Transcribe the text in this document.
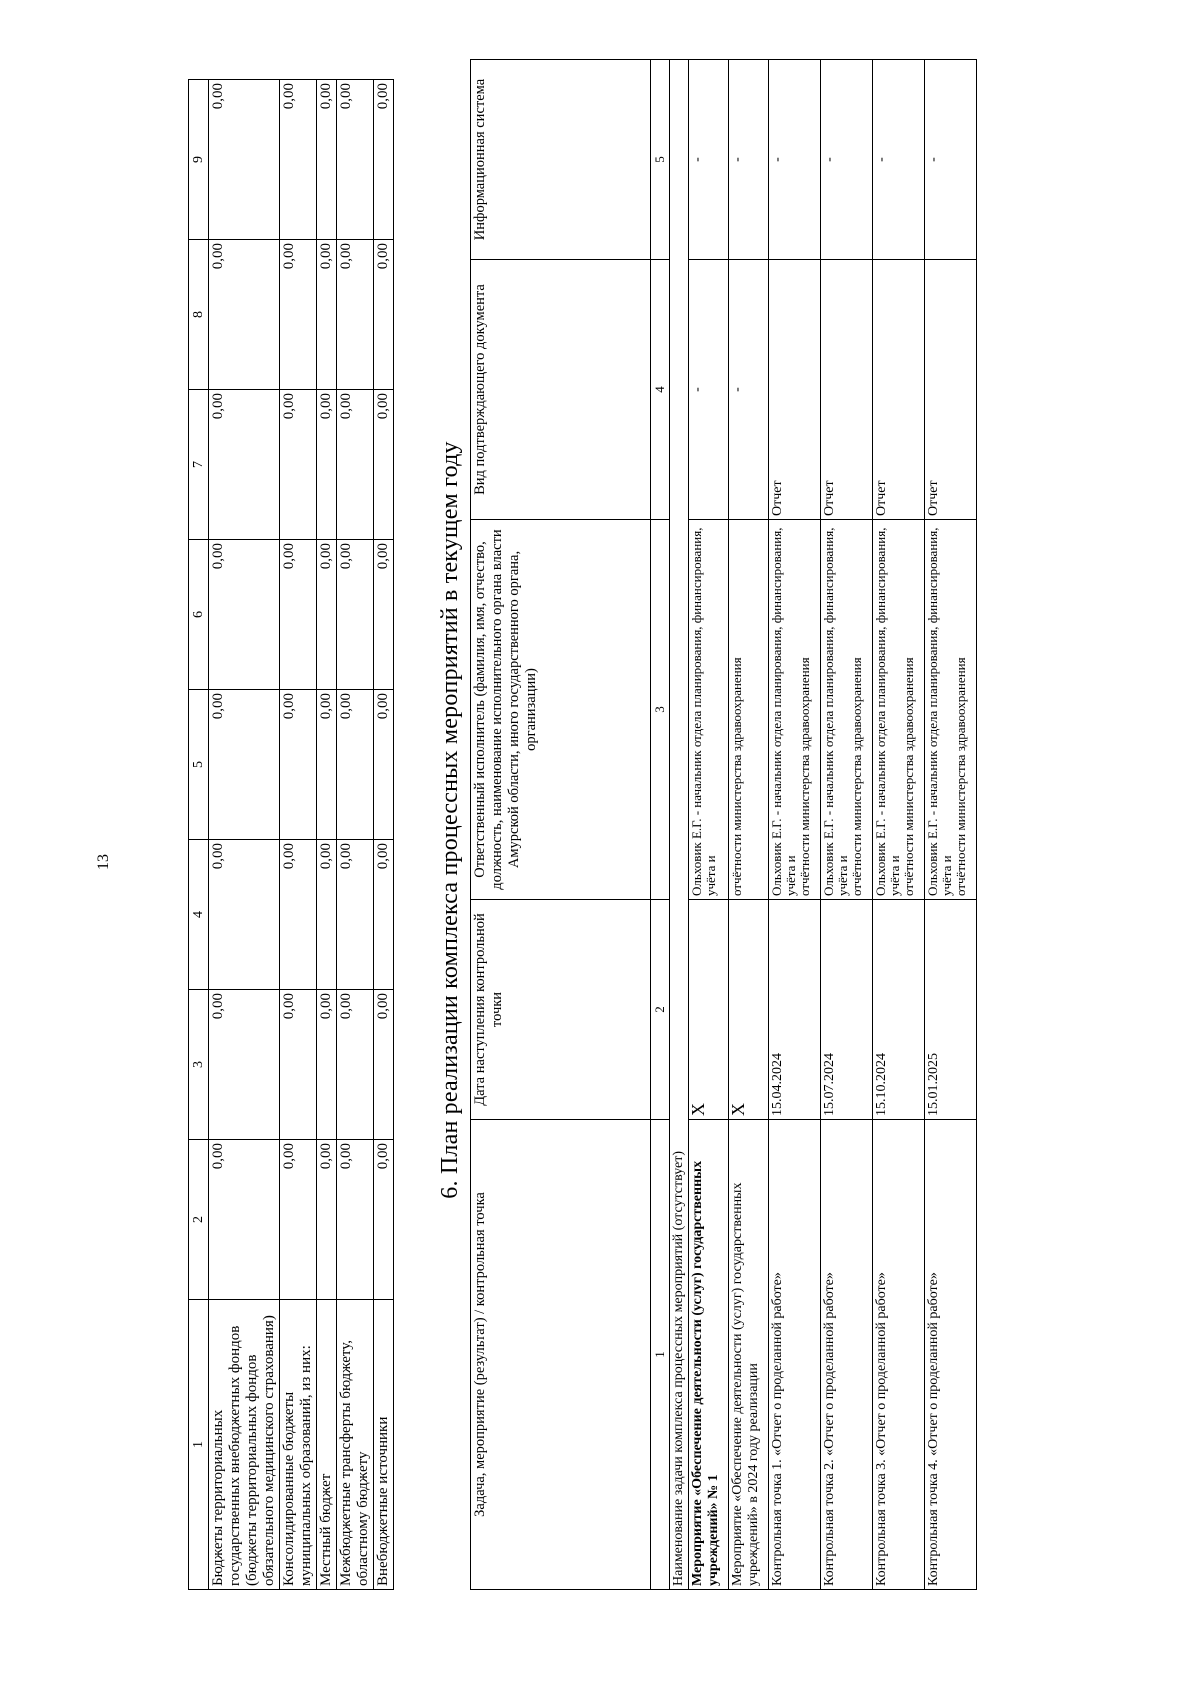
13
1	2	3	4	5	6	7	8	9
Бюджеты территориальных государственных внебюджетных фондов (бюджеты территориальных фондов обязательного медицинского страхования)	0,00	0,00	0,00	0,00	0,00	0,00	0,00	0,00
Консолидированные бюджеты муниципальных образований, из них:	0,00	0,00	0,00	0,00	0,00	0,00	0,00	0,00
Местный бюджет	0,00	0,00	0,00	0,00	0,00	0,00	0,00	0,00
Межбюджетные трансферты бюджету, областному бюджету	0,00	0,00	0,00	0,00	0,00	0,00	0,00	0,00
Внебюджетные источники	0,00	0,00	0,00	0,00	0,00	0,00	0,00	0,00
6. План реализации комплекса процессных мероприятий в текущем году
Задача, мероприятие (результат) / контрольная точка	Дата наступления контрольной точки	Ответственный исполнитель (фамилия, имя, отчество, должность, наименование исполнительного органа власти Амурской области, иного государственного органа, организации)	Вид подтверждающего документа	Информационная система
1	2	3	4	5
Наименование задачи комплекса процессных мероприятий (отсутствует)				
Мероприятие «Обеспечение деятельности (услуг) государственных учреждений» № 1	X	Ольховик Е.Г. - начальник отдела планирования, финансирования, учёта и	-	-
Мероприятие «Обеспечение деятельности (услуг) государственных учреждений» в 2024 году реализации	X	отчётности министерства здравоохранения	-	-
Контрольная точка 1. «Отчет о проделанной работе»	15.04.2024	Ольховик Е.Г. - начальник отдела планирования, финансирования, учёта и отчётности министерства здравоохранения	Отчет	-
Контрольная точка 2. «Отчет о проделанной работе»	15.07.2024	Ольховик Е.Г. - начальник отдела планирования, финансирования, учёта и отчётности министерства здравоохранения	Отчет	-
Контрольная точка 3. «Отчет о проделанной работе»	15.10.2024	Ольховик Е.Г. - начальник отдела планирования, финансирования, учёта и отчётности министерства здравоохранения	Отчет	-
Контрольная точка 4. «Отчет о проделанной работе»	15.01.2025	Ольховик Е.Г. - начальник отдела планирования, финансирования, учёта и отчётности министерства здравоохранения	Отчет	-
